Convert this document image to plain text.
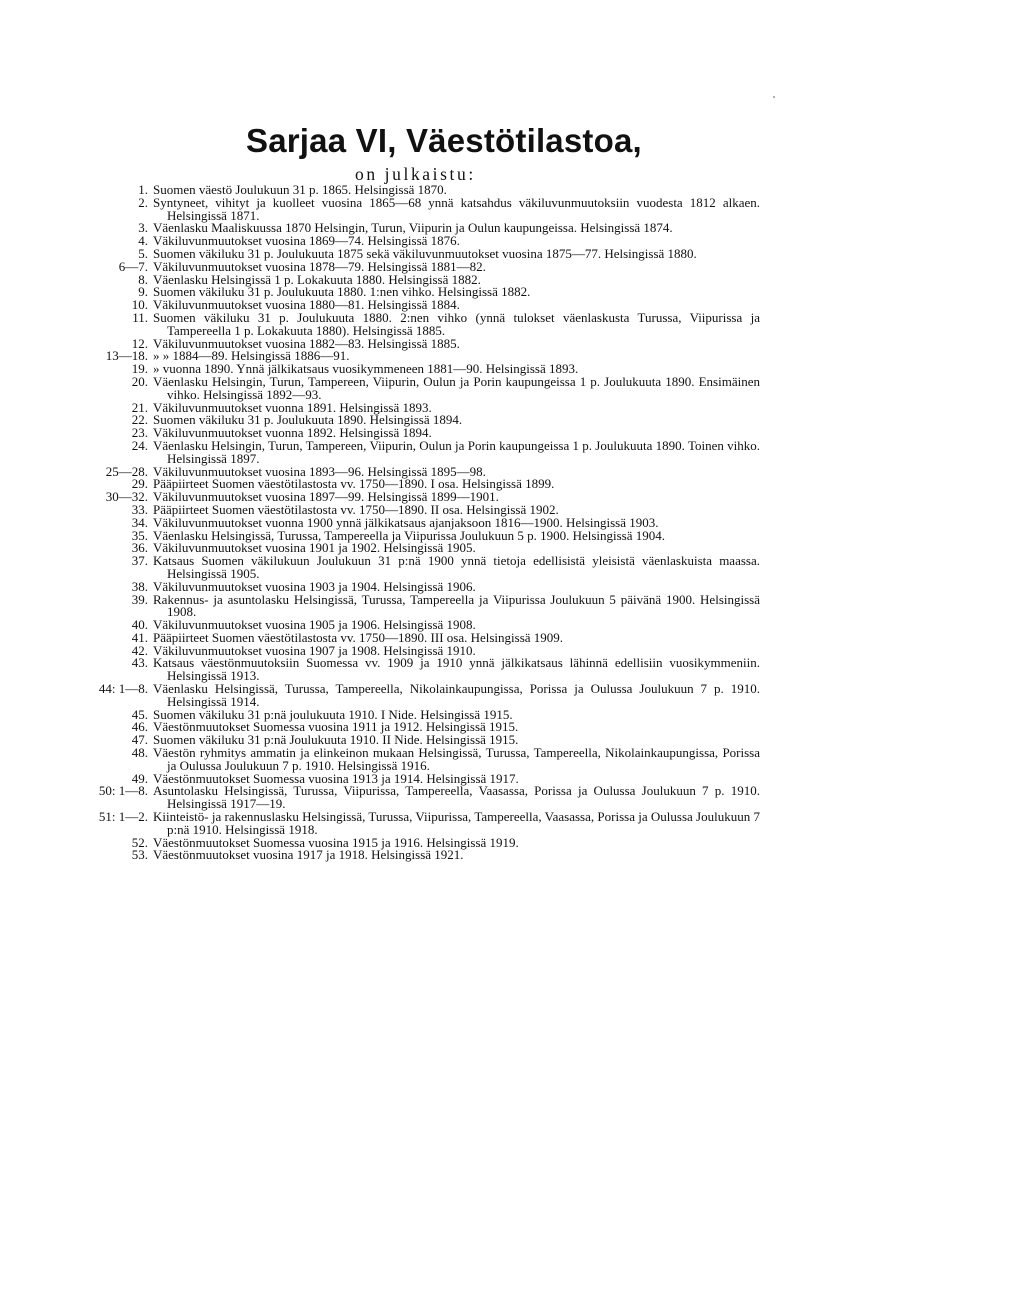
Sarjaa VI, Väestötilastoa,
on julkaistu:
1. Suomen väestö Joulukuun 31 p. 1865. Helsingissä 1870.
2. Syntyneet, vihityt ja kuolleet vuosina 1865—68 ynnä katsahdus väkiluvunmuutoksiin vuodesta 1812 alkaen. Helsingissä 1871.
3. Väenlasku Maaliskuussa 1870 Helsingin, Turun, Viipurin ja Oulun kaupungeissa. Helsingissä 1874.
4. Väkiluvunmuutokset vuosina 1869—74. Helsingissä 1876.
5. Suomen väkiluku 31 p. Joulukuuta 1875 sekä väkiluvunmuutokset vuosina 1875—77. Helsingissä 1880.
6—7. Väkiluvunmuutokset vuosina 1878—79. Helsingissä 1881—82.
8. Väenlasku Helsingissä 1 p. Lokakuuta 1880. Helsingissä 1882.
9. Suomen väkiluku 31 p. Joulukuuta 1880. 1:nen vihko. Helsingissä 1882.
10. Väkiluvunmuutokset vuosina 1880—81. Helsingissä 1884.
11. Suomen väkiluku 31 p. Joulukuuta 1880. 2:nen vihko (ynnä tulokset väenlaskusta Turussa, Viipurissa ja Tampereella 1 p. Lokakuuta 1880). Helsingissä 1885.
12. Väkiluvunmuutokset vuosina 1882—83. Helsingissä 1885.
13—18. » » 1884—89. Helsingissä 1886—91.
19. » vuonna 1890. Ynnä jälkikatsaus vuosikymmeneen 1881—90. Helsingissä 1893.
20. Väenlasku Helsingin, Turun, Tampereen, Viipurin, Oulun ja Porin kaupungeissa 1 p. Joulukuuta 1890. Ensimäinen vihko. Helsingissä 1892—93.
21. Väkiluvunmuutokset vuonna 1891. Helsingissä 1893.
22. Suomen väkiluku 31 p. Joulukuuta 1890. Helsingissä 1894.
23. Väkiluvunmuutokset vuonna 1892. Helsingissä 1894.
24. Väenlasku Helsingin, Turun, Tampereen, Viipurin, Oulun ja Porin kaupungeissa 1 p. Joulukuuta 1890. Toinen vihko. Helsingissä 1897.
25—28. Väkiluvunmuutokset vuosina 1893—96. Helsingissä 1895—98.
29. Pääpiirteet Suomen väestötilastosta vv. 1750—1890. I osa. Helsingissä 1899.
30—32. Väkiluvunmuutokset vuosina 1897—99. Helsingissä 1899—1901.
33. Pääpiirteet Suomen väestötilastosta vv. 1750—1890. II osa. Helsingissä 1902.
34. Väkiluvunmuutokset vuonna 1900 ynnä jälkikatsaus ajanjaksoon 1816—1900. Helsingissä 1903.
35. Väenlasku Helsingissä, Turussa, Tampereella ja Viipurissa Joulukuun 5 p. 1900. Helsingissä 1904.
36. Väkiluvunmuutokset vuosina 1901 ja 1902. Helsingissä 1905.
37. Katsaus Suomen väkilukuun Joulukuun 31 p:nä 1900 ynnä tietoja edellisistä yleisistä väenlaskuista maassa. Helsingissä 1905.
38. Väkiluvunmuutokset vuosina 1903 ja 1904. Helsingissä 1906.
39. Rakennus- ja asuntolasku Helsingissä, Turussa, Tampereella ja Viipurissa Joulukuun 5 päivänä 1900. Helsingissä 1908.
40. Väkiluvunmuutokset vuosina 1905 ja 1906. Helsingissä 1908.
41. Pääpiirteet Suomen väestötilastosta vv. 1750—1890. III osa. Helsingissä 1909.
42. Väkiluvunmuutokset vuosina 1907 ja 1908. Helsingissä 1910.
43. Katsaus väestönmuutoksiin Suomessa vv. 1909 ja 1910 ynnä jälkikatsaus lähinnä edellisiin vuosikymmeniin. Helsingissä 1913.
44: 1—8. Väenlasku Helsingissä, Turussa, Tampereella, Nikolainkaupungissa, Porissa ja Oulussa Joulukuun 7 p. 1910. Helsingissä 1914.
45. Suomen väkiluku 31 p:nä joulukuuta 1910. I Nide. Helsingissä 1915.
46. Väestönmuutokset Suomessa vuosina 1911 ja 1912. Helsingissä 1915.
47. Suomen väkiluku 31 p:nä Joulukuuta 1910. II Nide. Helsingissä 1915.
48. Väestön ryhmitys ammatin ja elinkeinon mukaan Helsingissä, Turussa, Tampereella, Nikolainkaupungissa, Porissa ja Oulussa Joulukuun 7 p. 1910. Helsingissä 1916.
49. Väestönmuutokset Suomessa vuosina 1913 ja 1914. Helsingissä 1917.
50: 1—8. Asuntolasku Helsingissä, Turussa, Viipurissa, Tampereella, Vaasassa, Porissa ja Oulussa Joulukuun 7 p. 1910. Helsingissä 1917—19.
51: 1—2. Kiinteistö- ja rakennuslasku Helsingissä, Turussa, Viipurissa, Tampereella, Vaasassa, Porissa ja Oulussa Joulukuun 7 p:nä 1910. Helsingissä 1918.
52. Väestönmuutokset Suomessa vuosina 1915 ja 1916. Helsingissä 1919.
53. Väestönmuutokset vuosina 1917 ja 1918. Helsingissä 1921.
